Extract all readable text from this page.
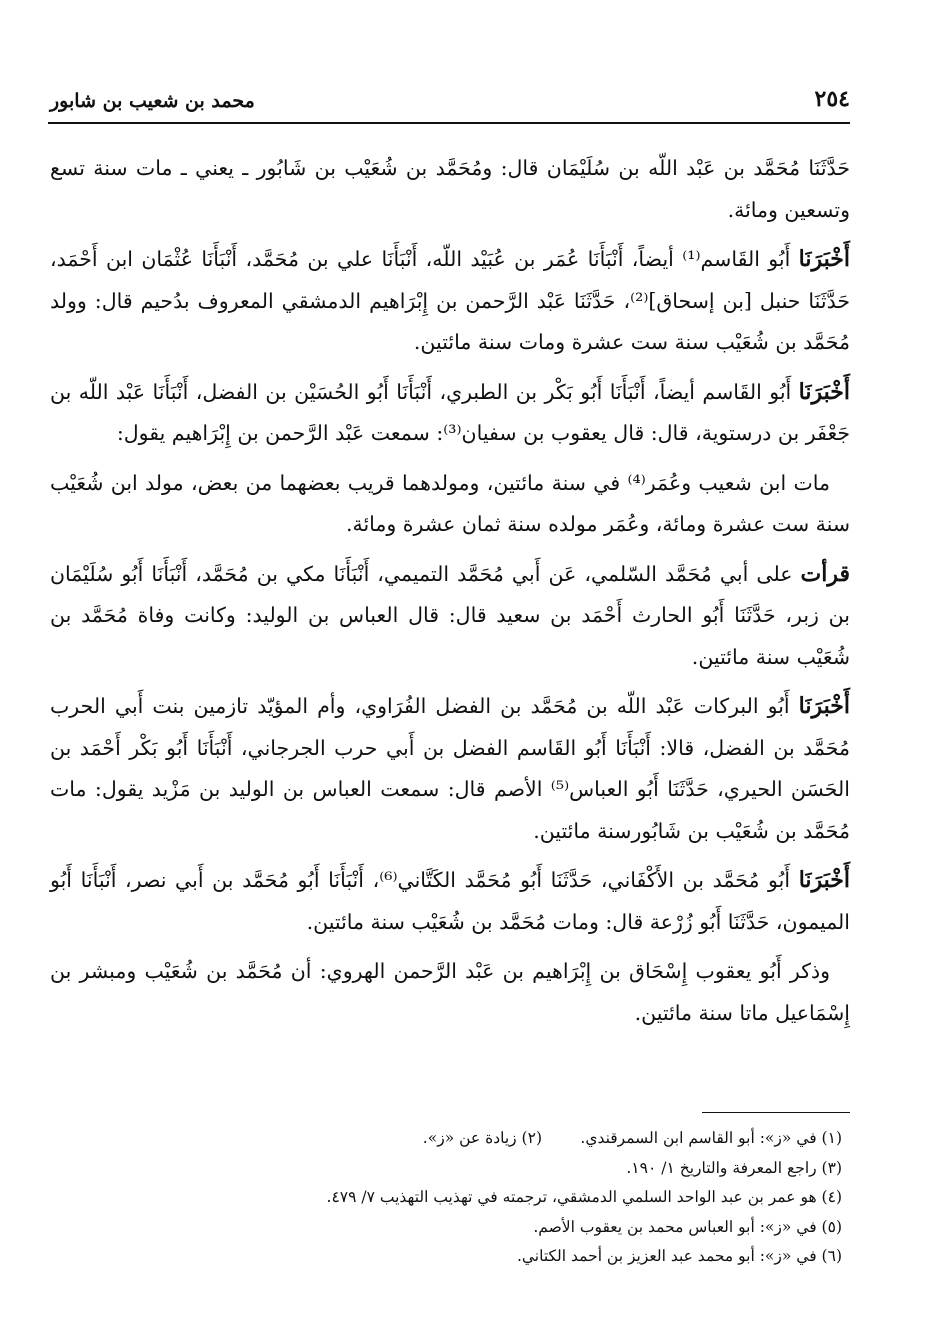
٢٥٤
محمد بن شعيب بن شابور

حَدَّثَنَا مُحَمَّد بن عَبْد اللّه بن سُلَيْمَان قال: ومُحَمَّد بن شُعَيْب بن شَابُور ـ يعني ـ مات سنة تسع وتسعين ومائة.

أَخْبَرَنَا أَبُو القَاسم⁽¹⁾ أيضاً، أَنْبَأَنَا عُمَر بن عُبَيْد اللّه، أَنْبَأَنَا علي بن مُحَمَّد، أَنْبَأَنَا عُثْمَان ابن أَحْمَد، حَدَّثَنَا حنبل [بن إسحاق]⁽²⁾، حَدَّثَنَا عَبْد الرَّحمن بن إِبْرَاهيم الدمشقي المعروف بدُحيم قال: وولد مُحَمَّد بن شُعَيْب سنة ست عشرة ومات سنة مائتين.

أَخْبَرَنَا أَبُو القَاسم أيضاً، أَنْبَأَنَا أَبُو بَكْر بن الطبري، أَنْبَأَنَا أَبُو الحُسَيْن بن الفضل، أَنْبَأَنَا عَبْد اللّه بن جَعْفَر بن درستوية، قال: قال يعقوب بن سفيان⁽³⁾: سمعت عَبْد الرَّحمن بن إِبْرَاهيم يقول:

مات ابن شعيب وعُمَر⁽⁴⁾ في سنة مائتين، ومولدهما قريب بعضهما من بعض، مولد ابن شُعَيْب سنة ست عشرة ومائة، وعُمَر مولده سنة ثمان عشرة ومائة.

قرأت على أبي مُحَمَّد السّلمي، عَن أَبي مُحَمَّد التميمي، أَنْبَأَنَا مكي بن مُحَمَّد، أَنْبَأَنَا أَبُو سُلَيْمَان بن زبر، حَدَّثَنَا أَبُو الحارث أَحْمَد بن سعيد قال: قال العباس بن الوليد: وكانت وفاة مُحَمَّد بن شُعَيْب سنة مائتين.

أَخْبَرَنَا أَبُو البركات عَبْد اللّه بن مُحَمَّد بن الفضل الفُرَاوي، وأم المؤيّد تازمين بنت أَبي الحرب مُحَمَّد بن الفضل، قالا: أَنْبَأَنَا أَبُو القَاسم الفضل بن أَبي حرب الجرجاني، أَنْبَأَنَا أَبُو بَكْر أَحْمَد بن الحَسَن الحيري، حَدَّثَنَا أَبُو العباس⁽⁵⁾ الأصم قال: سمعت العباس بن الوليد بن مَزْيد يقول: مات مُحَمَّد بن شُعَيْب بن شَابُورسنة مائتين.

أَخْبَرَنَا أَبُو مُحَمَّد بن الأَكْفَاني، حَدَّثَنَا أَبُو مُحَمَّد الكَتَّاني⁽⁶⁾، أَنْبَأَنَا أَبُو مُحَمَّد بن أَبي نصر، أَنْبَأَنَا أَبُو الميمون، حَدَّثَنَا أَبُو زُرْعة قال: ومات مُحَمَّد بن شُعَيْب سنة مائتين.

وذكر أَبُو يعقوب إِسْحَاق بن إِبْرَاهيم بن عَبْد الرَّحمن الهروي: أن مُحَمَّد بن شُعَيْب ومبشر بن إِسْمَاعيل ماتا سنة مائتين.

(١) في «ز»: أبو القاسم ابن السمرقندي.
(٢) زيادة عن «ز».
(٣) راجع المعرفة والتاريخ ١/ ١٩٠.
(٤) هو عمر بن عبد الواحد السلمي الدمشقي، ترجمته في تهذيب التهذيب ٧/ ٤٧٩.
(٥) في «ز»: أبو العباس محمد بن يعقوب الأصم.
(٦) في «ز»: أبو محمد عبد العزيز بن أحمد الكتاني.
